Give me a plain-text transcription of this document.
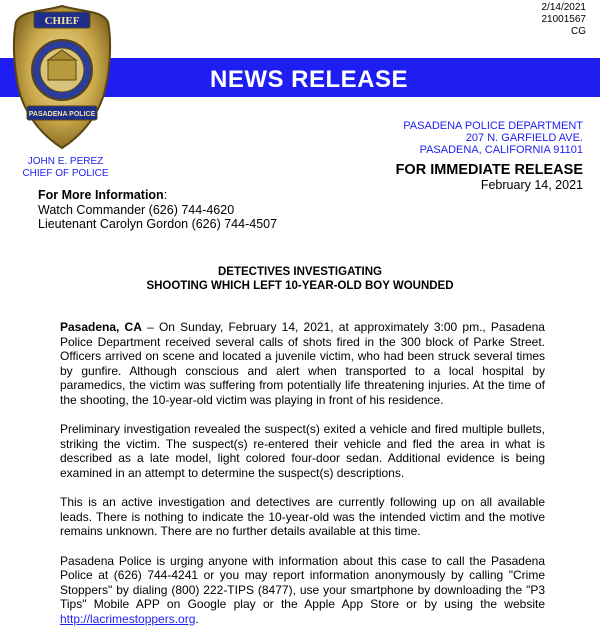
2/14/2021
21001567
CG
NEWS RELEASE
CHIEF
PASADENA POLICE
JOHN E. PEREZ
CHIEF OF POLICE
PASADENA POLICE DEPARTMENT
207 N. GARFIELD AVE.
PASADENA, CALIFORNIA 91101
FOR IMMEDIATE RELEASE
February 14, 2021
For More Information:
Watch Commander (626) 744-4620
Lieutenant Carolyn Gordon (626) 744-4507
DETECTIVES INVESTIGATING
SHOOTING WHICH LEFT 10-YEAR-OLD BOY WOUNDED

Pasadena, CA – On Sunday, February 14, 2021, at approximately 3:00 pm., Pasadena Police Department received several calls of shots fired in the 300 block of Parke Street. Officers arrived on scene and located a juvenile victim, who had been struck several times by gunfire. Although conscious and alert when transported to a local hospital by paramedics, the victim was suffering from potentially life threatening injuries. At the time of the shooting, the 10-year-old victim was playing in front of his residence.

Preliminary investigation revealed the suspect(s) exited a vehicle and fired multiple bullets, striking the victim. The suspect(s) re-entered their vehicle and fled the area in what is described as a late model, light colored four-door sedan. Additional evidence is being examined in an attempt to determine the suspect(s) descriptions.

This is an active investigation and detectives are currently following up on all available leads. There is nothing to indicate the 10-year-old was the intended victim and the motive remains unknown. There are no further details available at this time.

Pasadena Police is urging anyone with information about this case to call the Pasadena Police at (626) 744-4241 or you may report information anonymously by calling "Crime Stoppers" by dialing (800) 222-TIPS (8477), use your smartphone by downloading the "P3 Tips" Mobile APP on Google play or the Apple App Store or by using the website http://lacrimestoppers.org.
